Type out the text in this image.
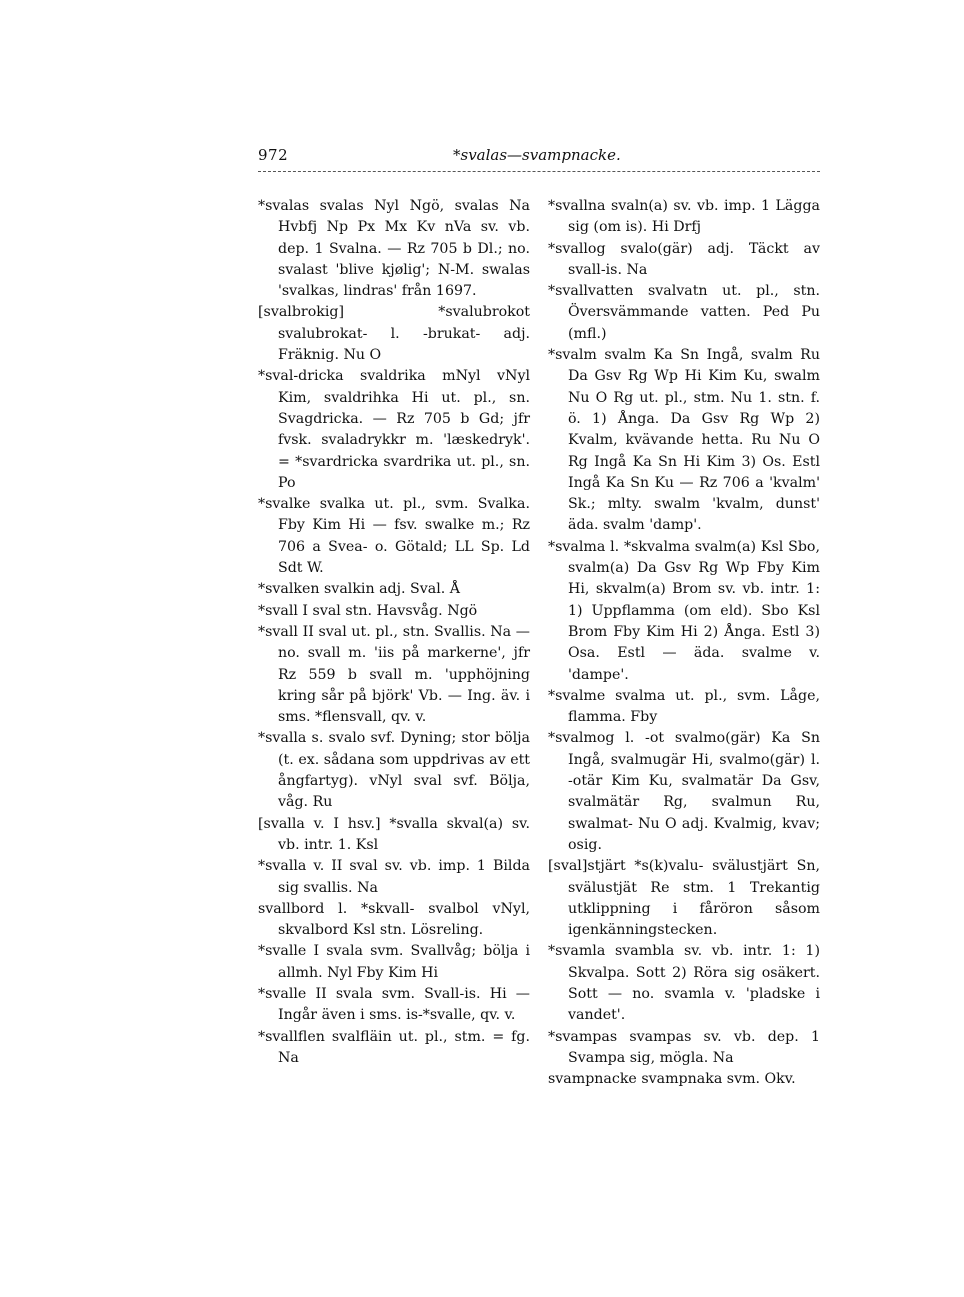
972	*svalas—svampnacke.

*svalas svalas Nyl Ngö, svalas Na Hvbfj Np Px Mx Kv nVa sv. vb. dep. 1 Svalna. — Rz 705 b Dl.; no. svalast 'blive kjølig'; N-M. swalas 'svalkas, lindras' från 1697.

[svalbrokig] *svalubrokot svalubrokat- l. -brukat- adj. Fräknig. Nu O

*sval-dricka svaldrika mNyl vNyl Kim, svaldrihka Hi ut. pl., sn. Svagdricka. — Rz 705 b Gd; jfr fvsk. svaladrykkr m. 'læskedryk'. = *svardricka svardrika ut. pl., sn. Po

*svalke svalka ut. pl., svm. Svalka. Fby Kim Hi — fsv. swalke m.; Rz 706 a Svea- o. Götald; LL Sp. Ld Sdt W.

*svalken svalkin adj. Sval. Å

*svall I sval stn. Havsvåg. Ngö

*svall II sval ut. pl., stn. Svallis. Na — no. svall m. 'iis på markerne', jfr Rz 559 b svall m. 'upphöjning kring sår på björk' Vb. — Ing. äv. i sms. *flensvall, qv. v.

*svalla s. svalo svf. Dyning; stor bölja (t. ex. sådana som uppdrivas av ett ångfartyg). vNyl sval svf. Bölja, våg. Ru

[svalla v. I hsv.] *svalla skval(a) sv. vb. intr. 1. Ksl

*svalla v. II sval sv. vb. imp. 1 Bilda sig svallis. Na

svallbord l. *skvall- svalbol vNyl, skvalbord Ksl stn. Lösreling.

*svalle I svala svm. Svallvåg; bölja i allmh. Nyl Fby Kim Hi

*svalle II svala svm. Svall-is. Hi — Ingår även i sms. is-*svalle, qv. v.

*svallflen svalfläin ut. pl., stm. = fg. Na

*svallna svaln(a) sv. vb. imp. 1 Lägga sig (om is). Hi Drfj

*svallog svalo(gär) adj. Täckt av svall-is. Na

*svallvatten svalvatn ut. pl., stn. Översvämmande vatten. Ped Pu (mfl.)

*svalm svalm Ka Sn Ingå, svalm Ru Da Gsv Rg Wp Hi Kim Ku, swalm Nu O Rg ut. pl., stm. Nu 1. stn. f. ö. 1) Ånga. Da Gsv Rg Wp 2) Kvalm, kvävande hetta. Ru Nu O Rg Ingå Ka Sn Hi Kim 3) Os. Estl Ingå Ka Sn Ku — Rz 706 a 'kvalm' Sk.; mlty. swalm 'kvalm, dunst' äda. svalm 'damp'.

*svalma l. *skvalma svalm(a) Ksl Sbo, svalm(a) Da Gsv Rg Wp Fby Kim Hi, skvalm(a) Brom sv. vb. intr. 1: 1) Uppflamma (om eld). Sbo Ksl Brom Fby Kim Hi 2) Ånga. Estl 3) Osa. Estl — äda. svalme v. 'dampe'.

*svalme svalma ut. pl., svm. Låge, flamma. Fby

*svalmog l. -ot svalmo(gär) Ka Sn Ingå, svalmugär Hi, svalmo(gär) l. -otär Kim Ku, svalmatär Da Gsv, svalmätär Rg, svalmun Ru, swalmat- Nu O adj. Kvalmig, kvav; osig.

[sval]stjärt *s(k)valu- svälustjärt Sn, svälustjät Re stm. 1 Trekantig utklippning i fåröron såsom igenkänningstecken.

*svamla svambla sv. vb. intr. 1: 1) Skvalpa. Sott 2) Röra sig osäkert. Sott — no. svamla v. 'pladske i vandet'.

*svampas svampas sv. vb. dep. 1 Svampa sig, mögla. Na

svampnacke svampnaka svm. Okv.
